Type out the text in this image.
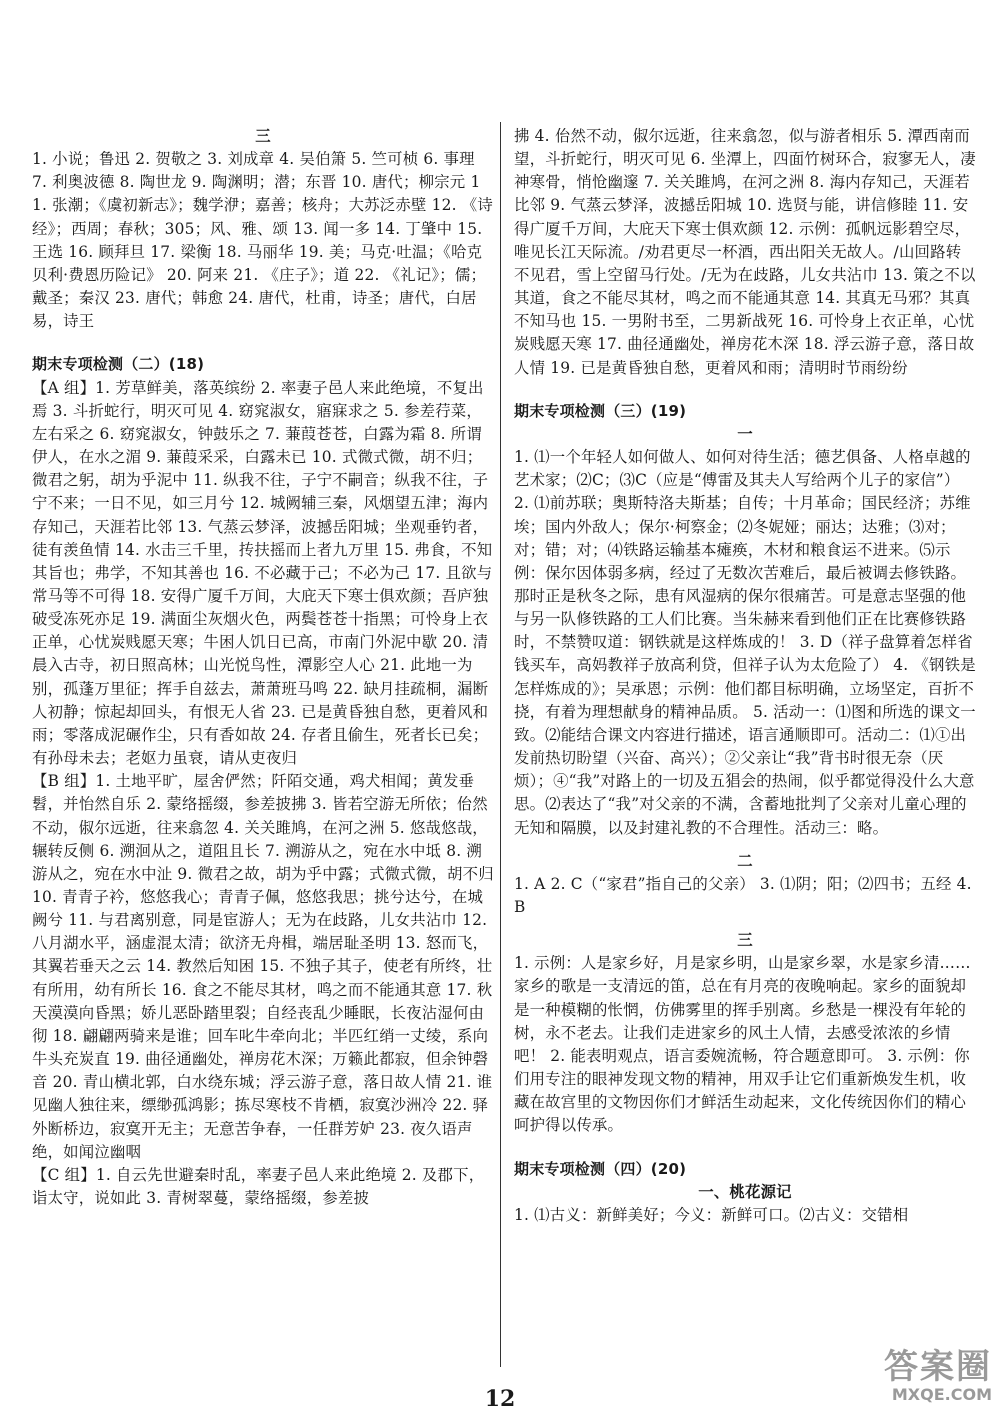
三

1. 小说；鲁迅 2. 贺敬之 3. 刘成章 4. 吴伯箫 5. 竺可桢 6. 事理 7. 利奥波德 8. 陶世龙 9. 陶渊明；潜；东晋 10. 唐代；柳宗元 11. 张潮；《虞初新志》；魏学洢；嘉善；核舟；大苏泛赤壁 12. 《诗经》；西周；春秋；305；风、雅、颂 13. 闻一多 14. 丁肇中 15. 王选 16. 顾拜旦 17. 梁衡 18. 马丽华 19. 美；马克·吐温；《哈克贝利·费恩历险记》 20. 阿来 21. 《庄子》；道 22. 《礼记》；儒；戴圣；秦汉 23. 唐代；韩愈 24. 唐代，杜甫，诗圣；唐代，白居易，诗王

期末专项检测（二）(18)

【A 组】1. 芳草鲜美，落英缤纷 2. 率妻子邑人来此绝境，不复出焉 3. 斗折蛇行，明灭可见 4. 窈窕淑女，寤寐求之 5. 参差荇菜，左右采之 6. 窈窕淑女，钟鼓乐之 7. 蒹葭苍苍，白露为霜 8. 所谓伊人，在水之湄 9. 蒹葭采采，白露未已 10. 式微式微，胡不归；微君之躬，胡为乎泥中 11. 纵我不往，子宁不嗣音；纵我不往，子宁不来；一日不见，如三月兮 12. 城阙辅三秦，风烟望五津；海内存知己，天涯若比邻 13. 气蒸云梦泽，波撼岳阳城；坐观垂钓者，徒有羡鱼情 14. 水击三千里，抟扶摇而上者九万里 15. 弗食，不知其旨也；弗学，不知其善也 16. 不必藏于己；不必为己 17. 且欲与常马等不可得 18. 安得广厦千万间，大庇天下寒士俱欢颜；吾庐独破受冻死亦足 19. 满面尘灰烟火色，两鬓苍苍十指黑；可怜身上衣正单，心忧炭贱愿天寒；牛困人饥日已高，市南门外泥中歇 20. 清晨入古寺，初日照高林；山光悦鸟性，潭影空人心 21. 此地一为别，孤蓬万里征；挥手自兹去，萧萧班马鸣 22. 缺月挂疏桐，漏断人初静；惊起却回头，有恨无人省 23. 已是黄昏独自愁，更着风和雨；零落成泥碾作尘，只有香如故 24. 存者且偷生，死者长已矣；有孙母未去；老妪力虽衰，请从吏夜归

【B 组】1. 土地平旷，屋舍俨然；阡陌交通，鸡犬相闻；黄发垂髫，并怡然自乐 2. 蒙络摇缀，参差披拂 3. 皆若空游无所依；佁然不动，俶尔远逝，往来翕忽 4. 关关雎鸠，在河之洲 5. 悠哉悠哉，辗转反侧 6. 溯洄从之，道阻且长 7. 溯游从之，宛在水中坻 8. 溯游从之，宛在水中沚 9. 微君之故，胡为乎中露；式微式微，胡不归 10. 青青子衿，悠悠我心；青青子佩，悠悠我思；挑兮达兮，在城阙兮 11. 与君离别意，同是宦游人；无为在歧路，儿女共沾巾 12. 八月湖水平，涵虚混太清；欲济无舟楫，端居耻圣明 13. 怒而飞，其翼若垂天之云 14. 教然后知困 15. 不独子其子，使老有所终，壮有所用，幼有所长 16. 食之不能尽其材，鸣之而不能通其意 17. 秋天漠漠向昏黑；娇儿恶卧踏里裂；自经丧乱少睡眠，长夜沾湿何由彻 18. 翩翩两骑来是谁；回车叱牛牵向北；半匹红绡一丈绫，系向牛头充炭直 19. 曲径通幽处，禅房花木深；万籁此都寂，但余钟磬音 20. 青山横北郭，白水绕东城；浮云游子意，落日故人情 21. 谁见幽人独往来，缥缈孤鸿影；拣尽寒枝不肯栖，寂寞沙洲冷 22. 驿外断桥边，寂寞开无主；无意苦争春，一任群芳妒 23. 夜久语声绝，如闻泣幽咽

【C 组】1. 自云先世避秦时乱，率妻子邑人来此绝境 2. 及郡下，诣太守，说如此 3. 青树翠蔓，蒙络摇缀，参差披

拂 4. 佁然不动，俶尔远逝，往来翕忽，似与游者相乐 5. 潭西南而望，斗折蛇行，明灭可见 6. 坐潭上，四面竹树环合，寂寥无人，凄神寒骨，悄怆幽邃 7. 关关雎鸠，在河之洲 8. 海内存知己，天涯若比邻 9. 气蒸云梦泽，波撼岳阳城 10. 选贤与能，讲信修睦 11. 安得广厦千万间，大庇天下寒士俱欢颜 12. 示例：孤帆远影碧空尽，唯见长江天际流。/劝君更尽一杯酒，西出阳关无故人。/山回路转不见君，雪上空留马行处。/无为在歧路，儿女共沾巾 13. 策之不以其道，食之不能尽其材，鸣之而不能通其意 14. 其真无马邪？其真不知马也 15. 一男附书至，二男新战死 16. 可怜身上衣正单，心忧炭贱愿天寒 17. 曲径通幽处，禅房花木深 18. 浮云游子意，落日故人情 19. 已是黄昏独自愁，更着风和雨；清明时节雨纷纷

期末专项检测（三）(19)

一

1. ⑴一个年轻人如何做人、如何对待生活；德艺俱备、人格卓越的艺术家；⑵C；⑶C（应是“傅雷及其夫人写给两个儿子的家信”） 2. ⑴前苏联；奥斯特洛夫斯基；自传；十月革命；国民经济；苏维埃；国内外敌人；保尔·柯察金；⑵冬妮娅；丽达；达雅；⑶对；对；错；对；⑷铁路运输基本瘫痪，木材和粮食运不进来。⑸示例：保尔因体弱多病，经过了无数次苦难后，最后被调去修铁路。那时正是秋冬之际，患有风湿病的保尔很痛苦。可是意志坚强的他与另一队修铁路的工人们比赛。当朱赫来看到他们正在比赛修铁路时，不禁赞叹道：钢铁就是这样炼成的！ 3. D（祥子盘算着怎样省钱买车，高妈教祥子放高利贷，但祥子认为太危险了） 4. 《钢铁是怎样炼成的》；吴承恩；示例：他们都目标明确，立场坚定，百折不挠，有着为理想献身的精神品质。 5. 活动一：⑴图和所选的课文一致。⑵能结合课文内容进行描述，语言通顺即可。活动二：⑴①出发前热切盼望（兴奋、高兴）；②父亲让“我”背书时很无奈（厌烦）；④“我”对路上的一切及五猖会的热闹，似乎都觉得没什么大意思。⑵表达了“我”对父亲的不满，含蓄地批判了父亲对儿童心理的无知和隔膜，以及封建礼教的不合理性。活动三：略。

二

1. A 2. C（“家君”指自己的父亲） 3. ⑴阴；阳；⑵四书；五经 4. B

三

1. 示例：人是家乡好，月是家乡明，山是家乡翠，水是家乡清……家乡的歌是一支清远的笛，总在有月亮的夜晚响起。家乡的面貌却是一种模糊的怅惘，仿佛雾里的挥手别离。乡愁是一棵没有年轮的树，永不老去。让我们走进家乡的风土人情，去感受浓浓的乡情吧！ 2. 能表明观点，语言委婉流畅，符合题意即可。 3. 示例：你们用专注的眼神发现文物的精神，用双手让它们重新焕发生机，收藏在故宫里的文物因你们才鲜活生动起来，文化传统因你们的精心呵护得以传承。

期末专项检测（四）(20)

一、桃花源记

1. ⑴古义：新鲜美好；今义：新鲜可口。⑵古义：交错相

12
答案圈
MXQE.COM
